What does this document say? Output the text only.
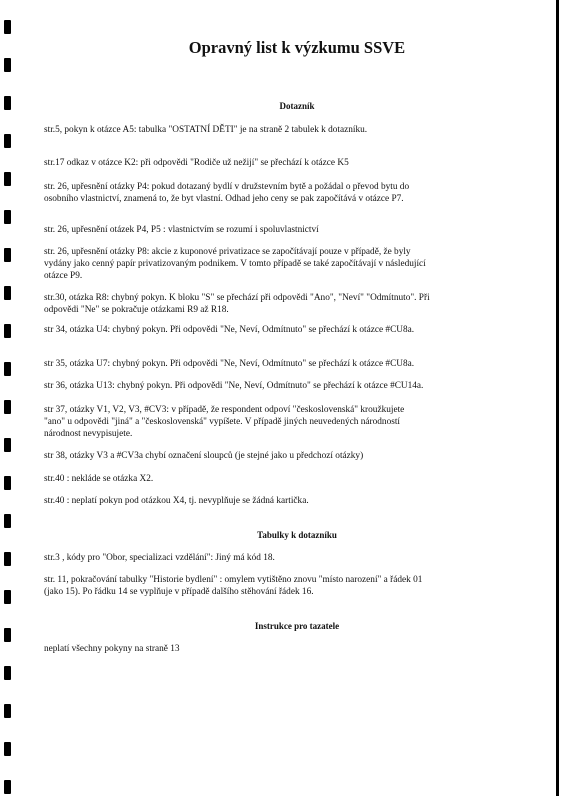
Opravný list k výzkumu SSVE
Dotazník
str.5, pokyn k otázce A5: tabulka "OSTATNÍ DĚTI" je na straně 2 tabulek k dotazníku.
str.17 odkaz v otázce K2: při odpovědi "Rodiče už nežijí" se přechází k otázce K5
str. 26, upřesnění otázky P4: pokud dotazaný bydlí v družstevním bytě a požádal o převod bytu do
osobního vlastnictví, znamená to, že byt vlastní. Odhad jeho ceny se pak započítává v otázce P7.
str. 26, upřesnění otázek P4, P5 : vlastnictvím se rozumí i spoluvlastnictví
str. 26, upřesnění otázky P8: akcie z kuponové privatizace se započítávají pouze v případě, že byly
vydány jako cenný papír privatizovaným podnikem. V tomto případě se také započítávají v následující
otázce P9.
str.30, otázka R8: chybný pokyn. K bloku "S" se přechází při odpovědi "Ano", "Neví" "Odmítnuto". Při
odpovědi "Ne" se pokračuje otázkami R9 až R18.
str 34, otázka U4: chybný pokyn. Při odpovědi "Ne, Neví, Odmítnuto" se přechází k otázce #CU8a.
str 35, otázka U7: chybný pokyn. Při odpovědi "Ne, Neví, Odmítnuto" se přechází k otázce #CU8a.
str 36, otázka U13: chybný pokyn. Při odpovědi "Ne, Neví, Odmítnuto" se přechází k otázce #CU14a.
str 37, otázky V1, V2, V3, #CV3: v případě, že respondent odpoví "československá" kroužkujete
"ano" u odpovědi "jiná" a "československá" vypíšete. V případě jiných neuvedených národností
národnost nevypisujete.
str 38, otázky V3 a #CV3a chybí označení sloupců (je stejné jako u předchozí otázky)
str.40 : nekláde se otázka X2.
str.40 : neplatí pokyn pod otázkou X4, tj. nevyplňuje se žádná kartička.
Tabulky k dotazníku
str.3 , kódy pro "Obor, specializaci vzdělání": Jiný má kód 18.
str. 11, pokračování tabulky "Historie bydlení" : omylem vytištěno znovu "místo narození" a řádek 01
(jako 15). Po řádku 14 se vyplňuje v případě dalšího stěhování řádek 16.
Instrukce pro tazatele
neplatí všechny pokyny na straně 13
